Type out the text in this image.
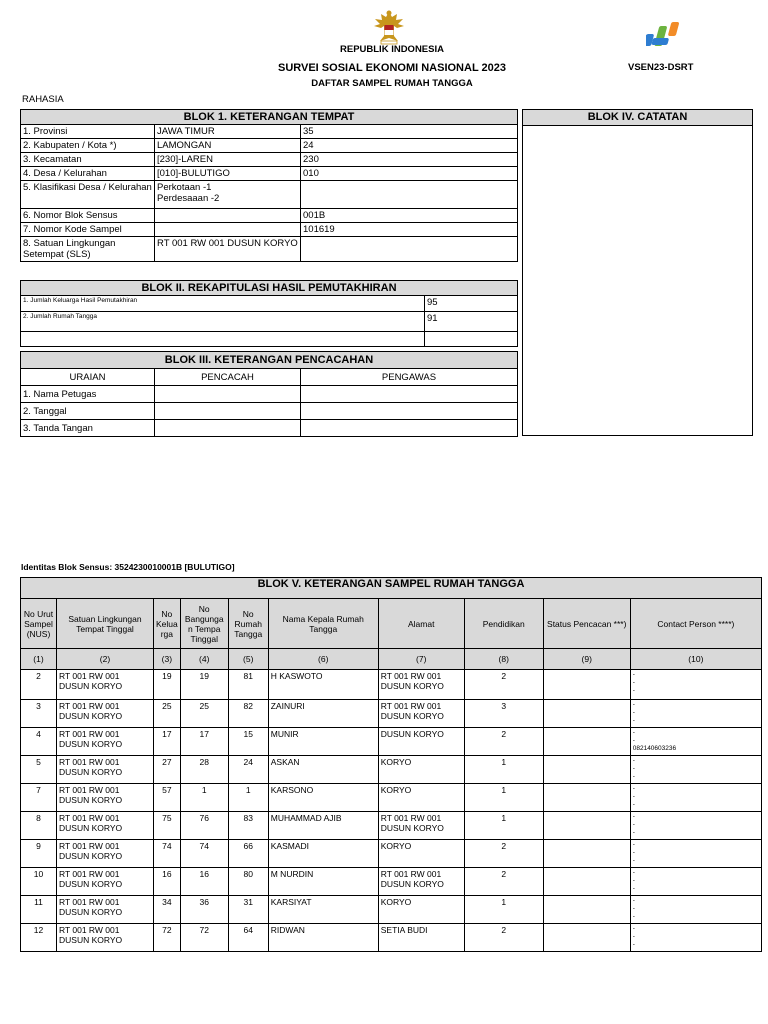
REPUBLIK INDONESIA
SURVEI SOSIAL EKONOMI NASIONAL 2023
DAFTAR SAMPEL RUMAH TANGGA
VSEN23-DSRT
RAHASIA
BLOK 1. KETERANGAN TEMPAT		
1. Provinsi	JAWA TIMUR	35
2. Kabupaten / Kota *)	LAMONGAN	24
3. Kecamatan	[230]-LAREN	230
4. Desa / Kelurahan	[010]-BULUTIGO	010
5. Klasifikasi Desa / Kelurahan	Perkotaan -1
Perdesaaan -2	
6. Nomor Blok Sensus		001B
7. Nomor Kode Sampel		101619
8. Satuan Lingkungan Setempat (SLS)	RT 001 RW 001 DUSUN KORYO	
BLOK IV. CATATAN
BLOK II. REKAPITULASI HASIL PEMUTAKHIRAN	
1. Jumlah Keluarga Hasil Pemutakhiran	95
2. Jumlah Rumah Tangga	91

BLOK III. KETERANGAN PENCACAHAN		
URAIAN	PENCACAH	PENGAWAS
1. Nama Petugas		
2. Tanggal		
3. Tanda Tangan		
Identitas Blok Sensus: 3524230010001B [BULUTIGO]
BLOK V. KETERANGAN SAMPEL RUMAH TANGGA									
No Urut Sampel (NUS)	Satuan Lingkungan Tempat Tinggal	No Kelua rga	No Bangunga n Tempa Tinggal	No Rumah Tangga	Nama Kepala Rumah Tangga	Alamat	Pendidikan	Status Pencacan ***)	Contact Person ****)
(1)	(2)	(3)	(4)	(5)	(6)	(7)	(8)	(9)	(10)
2	RT 001 RW 001
DUSUN KORYO	19	19	81	H KASWOTO	RT 001 RW 001
DUSUN KORYO	2		-
-
-
3	RT 001 RW 001
DUSUN KORYO	25	25	82	ZAINURI	RT 001 RW 001
DUSUN KORYO	3		-
-
-
4	RT 001 RW 001
DUSUN KORYO	17	17	15	MUNIR	DUSUN KORYO	2		-
-
082140603236
5	RT 001 RW 001
DUSUN KORYO	27	28	24	ASKAN	KORYO	1		-
-
-
7	RT 001 RW 001
DUSUN KORYO	57	1	1	KARSONO	KORYO	1		-
-
-
8	RT 001 RW 001
DUSUN KORYO	75	76	83	MUHAMMAD AJIB	RT 001 RW 001
DUSUN KORYO	1		-
-
-
9	RT 001 RW 001
DUSUN KORYO	74	74	66	KASMADI	KORYO	2		-
-
-
10	RT 001 RW 001
DUSUN KORYO	16	16	80	M NURDIN	RT 001 RW 001
DUSUN KORYO	2		-
-
-
11	RT 001 RW 001
DUSUN KORYO	34	36	31	KARSIYAT	KORYO	1		-
-
-
12	RT 001 RW 001
DUSUN KORYO	72	72	64	RIDWAN	SETIA BUDI	2		-
-
-
